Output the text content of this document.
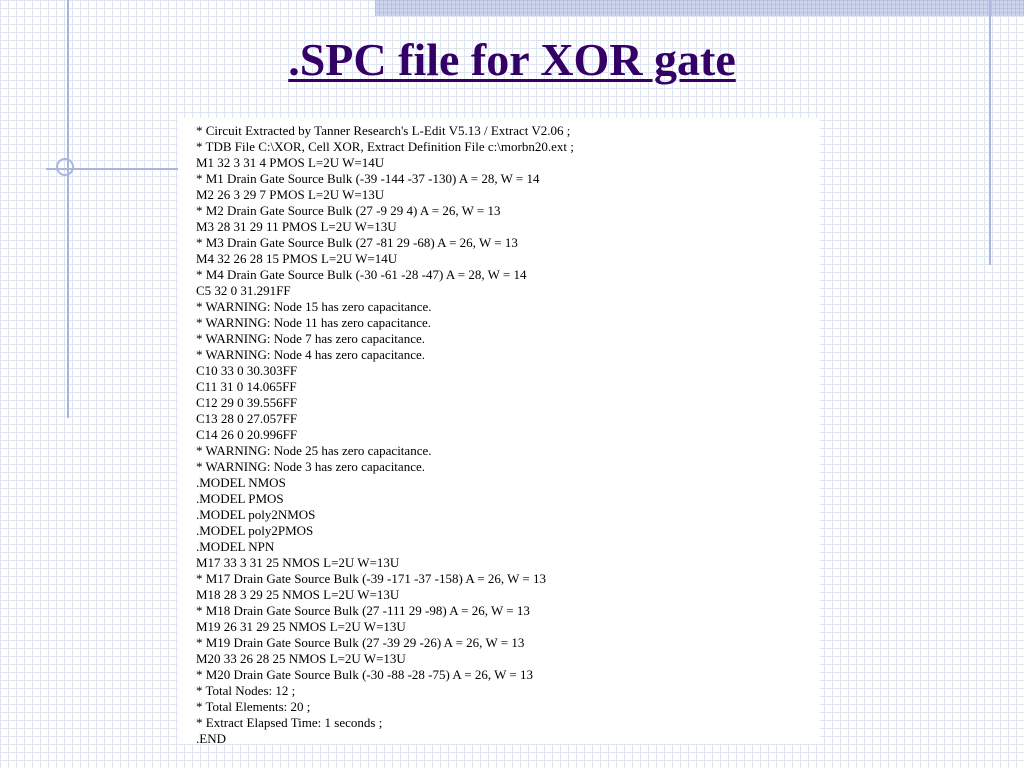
.SPC file for XOR gate
* Circuit Extracted by Tanner Research's L-Edit V5.13 / Extract V2.06 ;
* TDB File C:\XOR, Cell XOR, Extract Definition File c:\morbn20.ext ;
M1 32 3 31 4 PMOS L=2U W=14U
* M1 Drain Gate Source Bulk (-39 -144 -37 -130) A = 28, W = 14
M2 26 3 29 7 PMOS L=2U W=13U
* M2 Drain Gate Source Bulk (27 -9 29 4) A = 26, W = 13
M3 28 31 29 11 PMOS L=2U W=13U
* M3 Drain Gate Source Bulk (27 -81 29 -68) A = 26, W = 13
M4 32 26 28 15 PMOS L=2U W=14U
* M4 Drain Gate Source Bulk (-30 -61 -28 -47) A = 28, W = 14
C5 32 0 31.291FF
* WARNING: Node 15 has zero capacitance.
* WARNING: Node 11 has zero capacitance.
* WARNING: Node 7 has zero capacitance.
* WARNING: Node 4 has zero capacitance.
C10 33 0 30.303FF
C11 31 0 14.065FF
C12 29 0 39.556FF
C13 28 0 27.057FF
C14 26 0 20.996FF
* WARNING: Node 25 has zero capacitance.
* WARNING: Node 3 has zero capacitance.
.MODEL NMOS
.MODEL PMOS
.MODEL poly2NMOS
.MODEL poly2PMOS
.MODEL NPN
M17 33 3 31 25 NMOS L=2U W=13U
* M17 Drain Gate Source Bulk (-39 -171 -37 -158) A = 26, W = 13
M18 28 3 29 25 NMOS L=2U W=13U
* M18 Drain Gate Source Bulk (27 -111 29 -98) A = 26, W = 13
M19 26 31 29 25 NMOS L=2U W=13U
* M19 Drain Gate Source Bulk (27 -39 29 -26) A = 26, W = 13
M20 33 26 28 25 NMOS L=2U W=13U
* M20 Drain Gate Source Bulk (-30 -88 -28 -75) A = 26, W = 13
* Total Nodes: 12 ;
* Total Elements: 20 ;
* Extract Elapsed Time: 1 seconds ;
.END
